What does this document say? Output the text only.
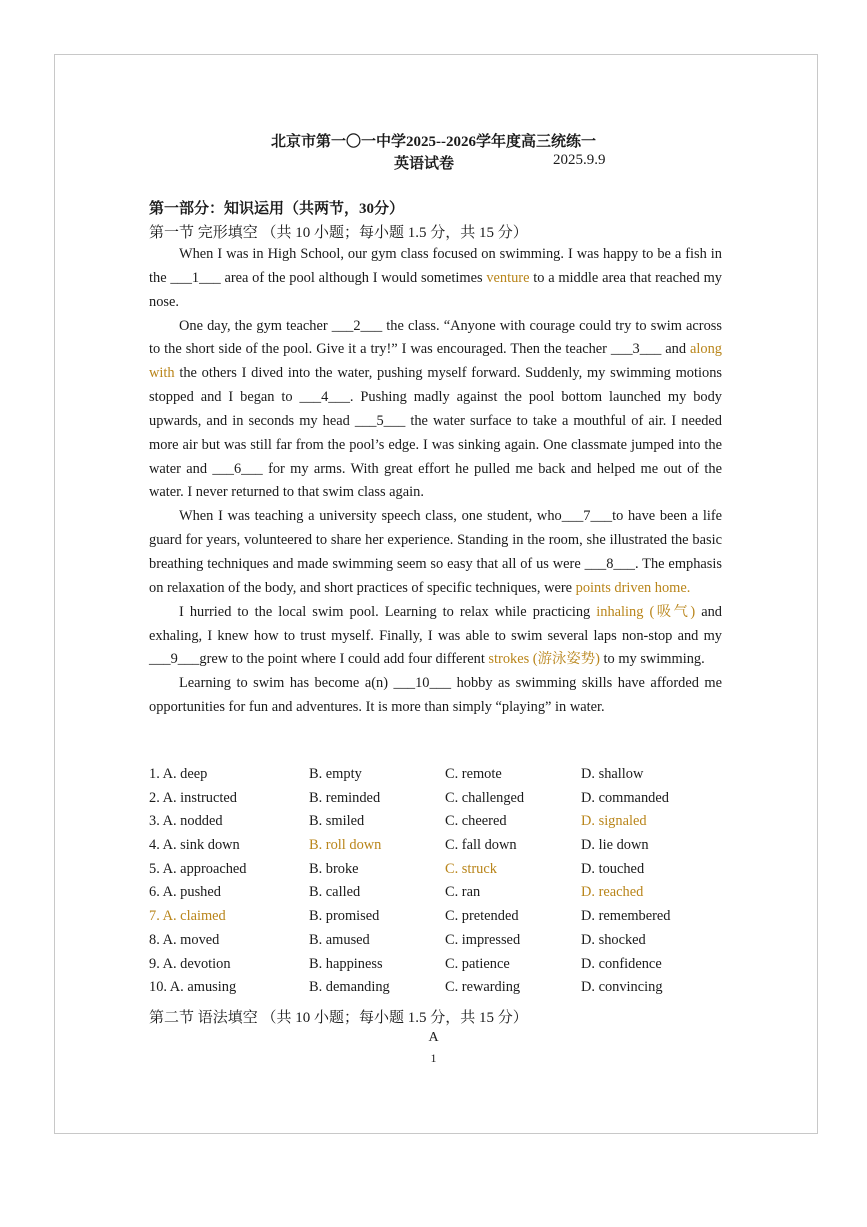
北京市第一〇一中学2025--2026学年度高三统练一
英语试卷	2025.9.9
第一部分：知识运用（共两节，30分）
第一节 完形填空 （共 10 小题；每小题 1.5 分，共 15 分）

When I was in High School, our gym class focused on swimming. I was happy to be a fish in the ___1___ area of the pool although I would sometimes venture to a middle area that reached my nose.

One day, the gym teacher ___2___ the class. “Anyone with courage could try to swim across to the short side of the pool. Give it a try!” I was encouraged. Then the teacher ___3___ and along with the others I dived into the water, pushing myself forward. Suddenly, my swimming motions stopped and I began to ___4___. Pushing madly against the pool bottom launched my body upwards, and in seconds my head ___5___ the water surface to take a mouthful of air. I needed more air but was still far from the pool’s edge. I was sinking again. One classmate jumped into the water and ___6___ for my arms. With great effort he pulled me back and helped me out of the water. I never returned to that swim class again.

When I was teaching a university speech class, one student, who___7___to have been a life guard for years, volunteered to share her experience. Standing in the room, she illustrated the basic breathing techniques and made swimming seem so easy that all of us were ___8___. The emphasis on relaxation of the body, and short practices of specific techniques, were points driven home.

I hurried to the local swim pool. Learning to relax while practicing inhaling (吸气) and exhaling, I knew how to trust myself. Finally, I was able to swim several laps non-stop and my ___9___grew to the point where I could add four different strokes (游泳姿势) to my swimming.

Learning to swim has become a(n) ___10___ hobby as swimming skills have afforded me opportunities for fun and adventures. It is more than simply “playing” in water.

1. A. deep	B. empty	C. remote	D. shallow
2. A. instructed	B. reminded	C. challenged	D. commanded
3. A. nodded	B. smiled	C. cheered	D. signaled
4. A. sink down	B. roll down	C. fall down	D. lie down
5. A. approached	B. broke	C. struck	D. touched
6. A. pushed	B. called	C. ran	D. reached
7. A. claimed	B. promised	C. pretended	D. remembered
8. A. moved	B. amused	C. impressed	D. shocked
9. A. devotion	B. happiness	C. patience	D. confidence
10. A. amusing	B. demanding	C. rewarding	D. convincing
第二节 语法填空 （共 10 小题；每小题 1.5 分，共 15 分）
A
1
